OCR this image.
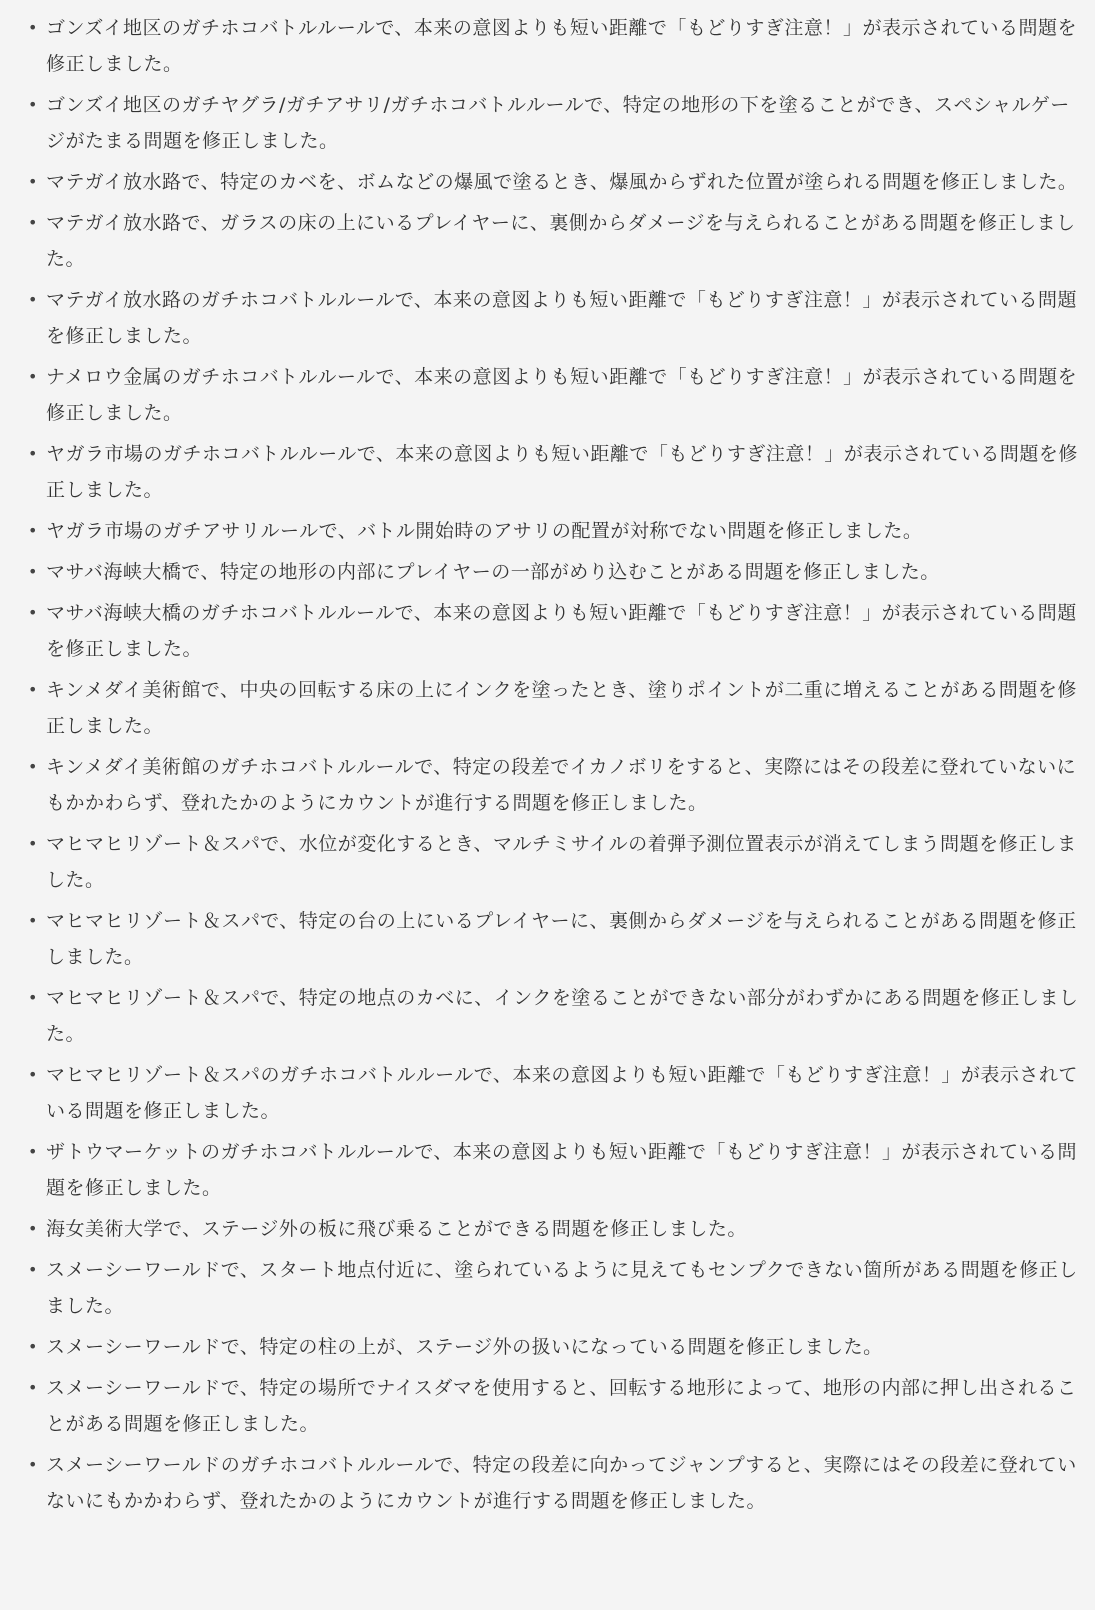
• ゴンズイ地区のガチホコバトルルールで、本来の意図よりも短い距離で「もどりすぎ注意！」が表示されている問題を修正しました。
• ゴンズイ地区のガチヤグラ/ガチアサリ/ガチホコバトルルールで、特定の地形の下を塗ることができ、スペシャルゲージがたまる問題を修正しました。
• マテガイ放水路で、特定のカベを、ボムなどの爆風で塗るとき、爆風からずれた位置が塗られる問題を修正しました。
• マテガイ放水路で、ガラスの床の上にいるプレイヤーに、裏側からダメージを与えられることがある問題を修正しました。
• マテガイ放水路のガチホコバトルルールで、本来の意図よりも短い距離で「もどりすぎ注意！」が表示されている問題を修正しました。
• ナメロウ金属のガチホコバトルルールで、本来の意図よりも短い距離で「もどりすぎ注意！」が表示されている問題を修正しました。
• ヤガラ市場のガチホコバトルルールで、本来の意図よりも短い距離で「もどりすぎ注意！」が表示されている問題を修正しました。
• ヤガラ市場のガチアサリルールで、バトル開始時のアサリの配置が対称でない問題を修正しました。
• マサバ海峡大橋で、特定の地形の内部にプレイヤーの一部がめり込むことがある問題を修正しました。
• マサバ海峡大橋のガチホコバトルルールで、本来の意図よりも短い距離で「もどりすぎ注意！」が表示されている問題を修正しました。
• キンメダイ美術館で、中央の回転する床の上にインクを塗ったとき、塗りポイントが二重に増えることがある問題を修正しました。
• キンメダイ美術館のガチホコバトルルールで、特定の段差でイカノボリをすると、実際にはその段差に登れていないにもかかわらず、登れたかのようにカウントが進行する問題を修正しました。
• マヒマヒリゾート＆スパで、水位が変化するとき、マルチミサイルの着弾予測位置表示が消えてしまう問題を修正しました。
• マヒマヒリゾート＆スパで、特定の台の上にいるプレイヤーに、裏側からダメージを与えられることがある問題を修正しました。
• マヒマヒリゾート＆スパで、特定の地点のカベに、インクを塗ることができない部分がわずかにある問題を修正しました。
• マヒマヒリゾート＆スパのガチホコバトルルールで、本来の意図よりも短い距離で「もどりすぎ注意！」が表示されている問題を修正しました。
• ザトウマーケットのガチホコバトルルールで、本来の意図よりも短い距離で「もどりすぎ注意！」が表示されている問題を修正しました。
• 海女美術大学で、ステージ外の板に飛び乗ることができる問題を修正しました。
• スメーシーワールドで、スタート地点付近に、塗られているように見えてもセンプクできない箇所がある問題を修正しました。
• スメーシーワールドで、特定の柱の上が、ステージ外の扱いになっている問題を修正しました。
• スメーシーワールドで、特定の場所でナイスダマを使用すると、回転する地形によって、地形の内部に押し出されることがある問題を修正しました。
• スメーシーワールドのガチホコバトルルールで、特定の段差に向かってジャンプすると、実際にはその段差に登れていないにもかかわらず、登れたかのようにカウントが進行する問題を修正しました。
